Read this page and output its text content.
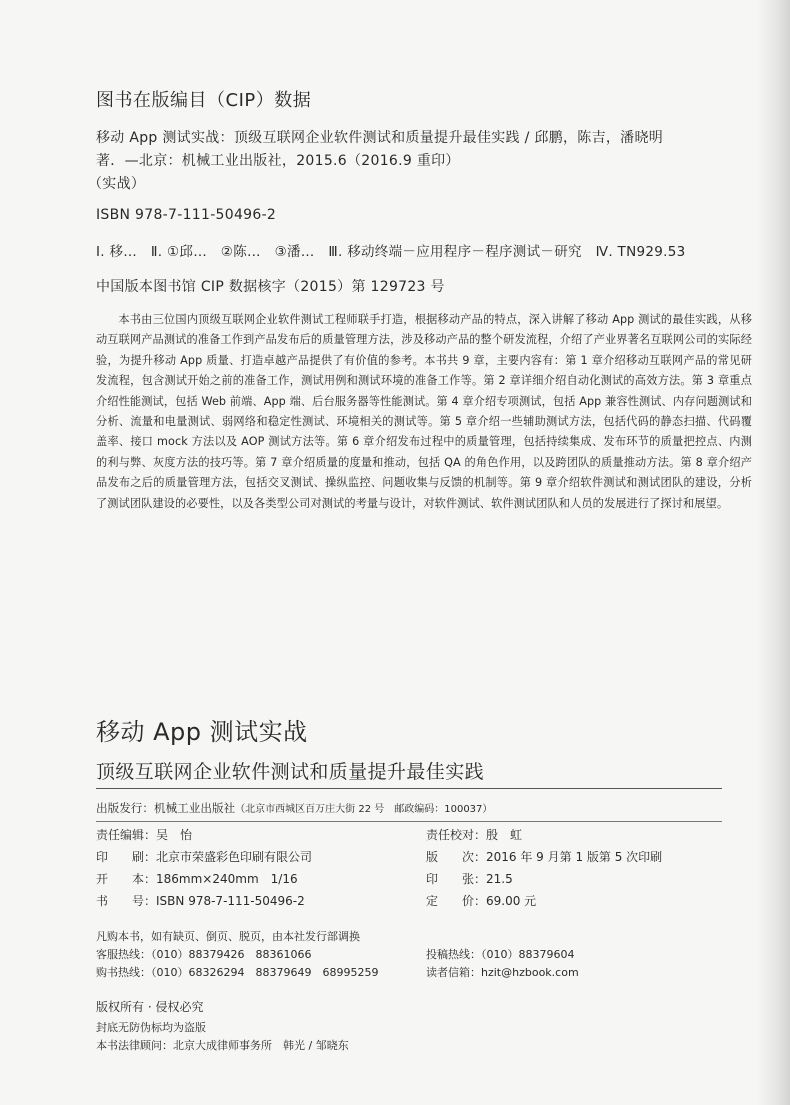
图书在版编目（CIP）数据
移动 App 测试实战：顶级互联网企业软件测试和质量提升最佳实践 / 邱鹏，陈吉，潘晓明
著．—北京：机械工业出版社，2015.6（2016.9 重印）
（实战）
ISBN 978-7-111-50496-2
Ⅰ. 移…　Ⅱ. ①邱…　②陈…　③潘…　Ⅲ. 移动终端－应用程序－程序测试－研究　Ⅳ. TN929.53
中国版本图书馆 CIP 数据核字（2015）第 129723 号
本书由三位国内顶级互联网企业软件测试工程师联手打造，根据移动产品的特点，深入讲解了移动 App 测试的最佳实践，从移动互联网产品测试的准备工作到产品发布后的质量管理方法，涉及移动产品的整个研发流程，介绍了产业界著名互联网公司的实际经验，为提升移动 App 质量、打造卓越产品提供了有价值的参考。本书共 9 章，主要内容有：第 1 章介绍移动互联网产品的常见研发流程，包含测试开始之前的准备工作，测试用例和测试环境的准备工作等。第 2 章详细介绍自动化测试的高效方法。第 3 章重点介绍性能测试，包括 Web 前端、App 端、后台服务器等性能测试。第 4 章介绍专项测试，包括 App 兼容性测试、内存问题测试和分析、流量和电量测试、弱网络和稳定性测试、环境相关的测试等。第 5 章介绍一些辅助测试方法，包括代码的静态扫描、代码覆盖率、接口 mock 方法以及 AOP 测试方法等。第 6 章介绍发布过程中的质量管理，包括持续集成、发布环节的质量把控点、内测的利与弊、灰度方法的技巧等。第 7 章介绍质量的度量和推动，包括 QA 的角色作用，以及跨团队的质量推动方法。第 8 章介绍产品发布之后的质量管理方法，包括交叉测试、操纵监控、问题收集与反馈的机制等。第 9 章介绍软件测试和测试团队的建设，分析了测试团队建设的必要性，以及各类型公司对测试的考量与设计，对软件测试、软件测试团队和人员的发展进行了探讨和展望。
移动 App 测试实战
顶级互联网企业软件测试和质量提升最佳实践
出版发行：机械工业出版社（北京市西城区百万庄大街 22 号　邮政编码：100037）
责任编辑：吴　怡	责任校对：殷　虹
印　　刷：北京市荣盛彩色印刷有限公司	版　　次：2016 年 9 月第 1 版第 5 次印刷
开　　本：186mm×240mm　1/16	印　　张：21.5
书　　号：ISBN 978-7-111-50496-2	定　　价：69.00 元
凡购本书，如有缺页、倒页、脱页，由本社发行部调换
客服热线：（010）88379426　88361066	投稿热线：（010）88379604
购书热线：（010）68326294　88379649　68995259	读者信箱：hzit@hzbook.com
版权所有 · 侵权必究
封底无防伪标均为盗版
本书法律顾问：北京大成律师事务所　韩光 / 邹晓东
